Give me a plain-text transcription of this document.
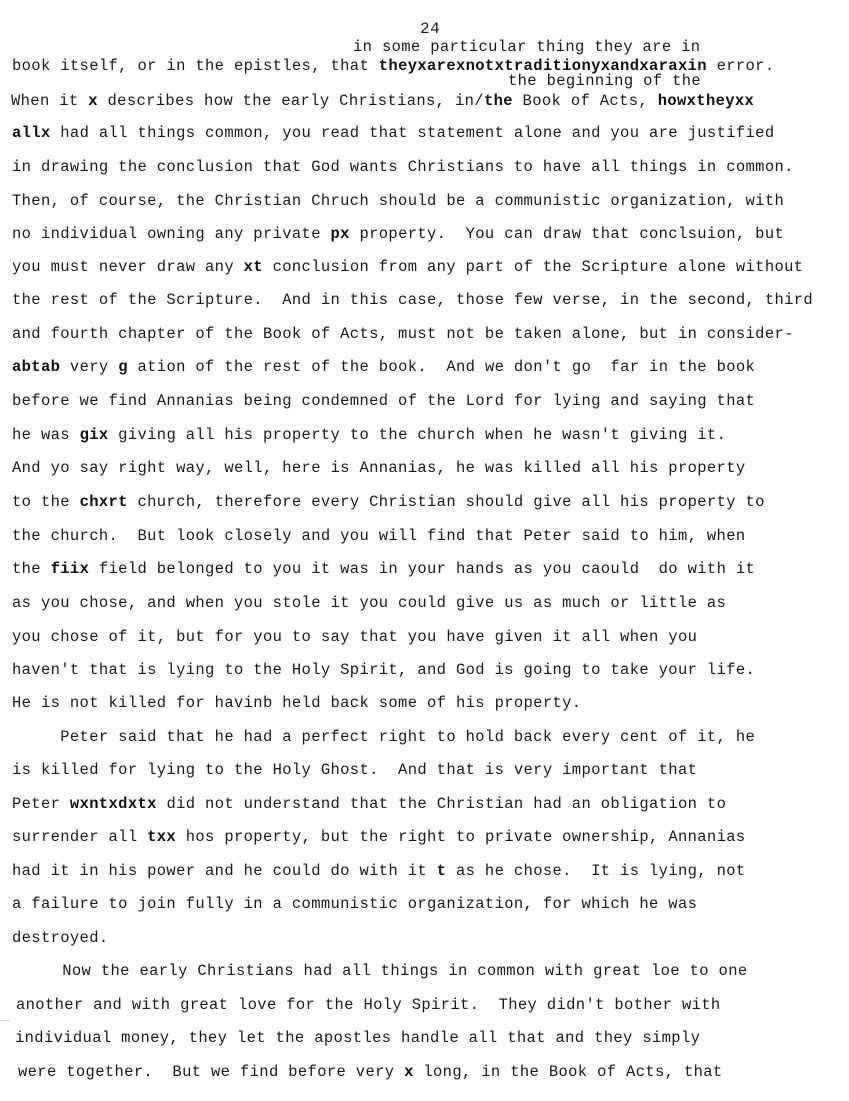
24
in some particular thing they are in
the beginning of the
book itself, or in the epistles, that theyxarexnotxtraditionyxandxaraxin error.
When it x describes how the early Christians, in/the Book of Acts, howxtheyxx
allx had all things common, you read that statement alone and you are justified
in drawing the conclusion that God wants Christians to have all things in common.
Then, of course, the Christian Chruch should be a communistic organization, with
no individual owning any private px property.  You can draw that conclsuion, but
you must never draw any xt conclusion from any part of the Scripture alone without
the rest of the Scripture.  And in this case, those few verse, in the second, third
and fourth chapter of the Book of Acts, must not be taken alone, but in consider-
abtab very g ation of the rest of the book.  And we don't go  far in the book
before we find Annanias being condemned of the Lord for lying and saying that
he was gix giving all his property to the church when he wasn't giving it.
And yo say right way, well, here is Annanias, he was killed all his property
to the chxrt church, therefore every Christian should give all his property to
the church.  But look closely and you will find that Peter said to him, when
the fiix field belonged to you it was in your hands as you caould  do with it
as you chose, and when you stole it you could give us as much or little as
you chose of it, but for you to say that you have given it all when you
haven't that is lying to the Holy Spirit, and God is going to take your life.
He is not killed for havinb held back some of his property.
Peter said that he had a perfect right to hold back every cent of it, he
is killed for lying to the Holy Ghost.  And that is very important that
Peter wxntxdxtx did not understand that the Christian had an obligation to
surrender all txx hos property, but the right to private ownership, Annanias
had it in his power and he could do with it t as he chose.  It is lying, not
a failure to join fully in a communistic organization, for which he was
destroyed.
Now the early Christians had all things in common with great loe to one
another and with great love for the Holy Spirit.  They didn't bother with
individual money, they let the apostles handle all that and they simply
were together.  But we find before very x long, in the Book of Acts, that
